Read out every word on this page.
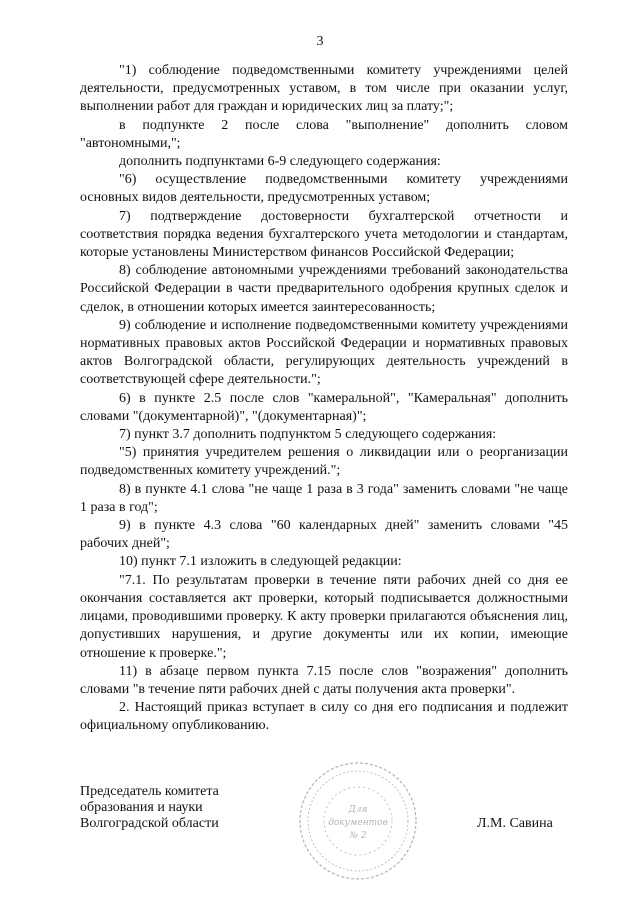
3

"1) соблюдение подведомственными комитету учреждениями целей деятельности, предусмотренных уставом, в том числе при оказании услуг, выполнении работ для граждан и юридических лиц за плату;";

в подпункте 2 после слова "выполнение" дополнить словом "автономными,";

дополнить подпунктами 6-9 следующего содержания:

"6) осуществление подведомственными комитету учреждениями основных видов деятельности, предусмотренных уставом;

7) подтверждение достоверности бухгалтерской отчетности и соответствия порядка ведения бухгалтерского учета методологии и стандартам, которые установлены Министерством финансов Российской Федерации;

8) соблюдение автономными учреждениями требований законодательства Российской Федерации в части предварительного одобрения крупных сделок и сделок, в отношении которых имеется заинтересованность;

9) соблюдение и исполнение подведомственными комитету учреждениями нормативных правовых актов Российской Федерации и нормативных правовых актов Волгоградской области, регулирующих деятельность учреждений в соответствующей сфере деятельности.";

6) в пункте 2.5 после слов "камеральной", "Камеральная" дополнить словами "(документарной)", "(документарная)";

7) пункт 3.7 дополнить подпунктом 5 следующего содержания:

"5) принятия учредителем решения о ликвидации или о реорганизации подведомственных комитету учреждений.";

8) в пункте 4.1 слова "не чаще 1 раза в 3 года" заменить словами "не чаще 1 раза в год";

9) в пункте 4.3 слова "60 календарных дней" заменить словами "45 рабочих дней";

10) пункт 7.1 изложить в следующей редакции:

"7.1. По результатам проверки в течение пяти рабочих дней со дня ее окончания составляется акт проверки, который подписывается должностными лицами, проводившими проверку. К акту проверки прилагаются объяснения лиц, допустивших нарушения, и другие документы или их копии, имеющие отношение к проверке.";

11) в абзаце первом пункта 7.15 после слов "возражения" дополнить словами "в течение пяти рабочих дней с даты получения акта проверки".

2. Настоящий приказ вступает в силу со дня его подписания и подлежит официальному опубликованию.

Председатель комитета
образования и науки
Волгоградской области	Л.М. Савина
Для
документов
№ 2
